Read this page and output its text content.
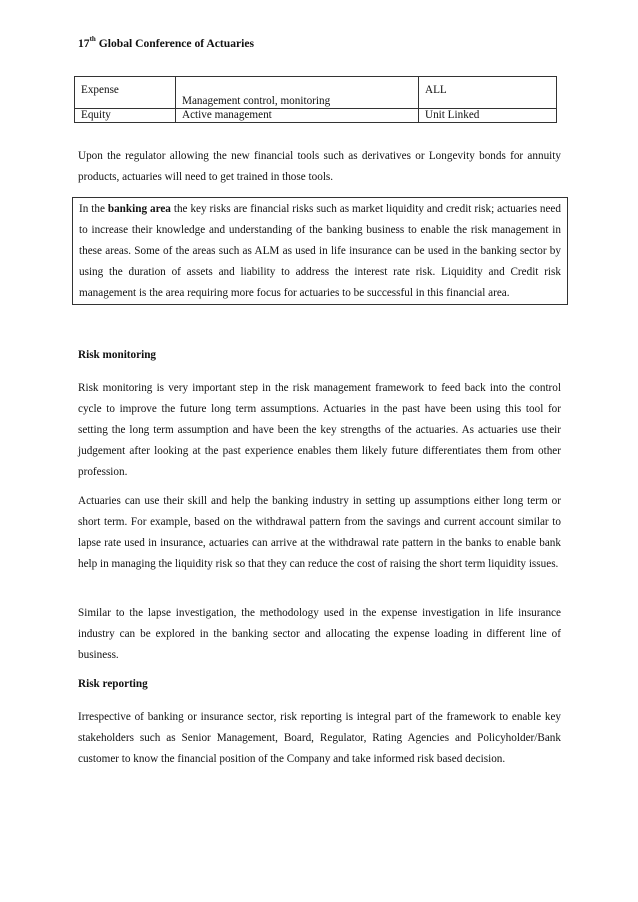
17th Global Conference of Actuaries
Expense	Management control, monitoring	ALL
Equity	Active management	Unit Linked

Upon the regulator allowing the new financial tools such as derivatives or Longevity bonds for annuity products, actuaries will need to get trained in those tools.

In the banking area the key risks are financial risks such as market liquidity and credit risk; actuaries need to increase their knowledge and understanding of the banking business to enable the risk management in these areas. Some of the areas such as ALM as used in life insurance can be used in the banking sector by using the duration of assets and liability to address the interest rate risk. Liquidity and Credit risk management is the area requiring more focus for actuaries to be successful in this financial area.

Risk monitoring

Risk monitoring is very important step in the risk management framework to feed back into the control cycle to improve the future long term assumptions. Actuaries in the past have been using this tool for setting the long term assumption and have been the key strengths of the actuaries. As actuaries use their judgement after looking at the past experience enables them likely future differentiates them from other profession.

Actuaries can use their skill and help the banking industry in setting up assumptions either long term or short term. For example, based on the withdrawal pattern from the savings and current account similar to lapse rate used in insurance, actuaries can arrive at the withdrawal rate pattern in the banks to enable bank help in managing the liquidity risk so that they can reduce the cost of raising the short term liquidity issues.

Similar to the lapse investigation, the methodology used in the expense investigation in life insurance industry can be explored in the banking sector and allocating the expense loading in different line of business.

Risk reporting

Irrespective of banking or insurance sector, risk reporting is integral part of the framework to enable key stakeholders such as Senior Management, Board, Regulator, Rating Agencies and Policyholder/Bank customer to know the financial position of the Company and take informed risk based decision.
